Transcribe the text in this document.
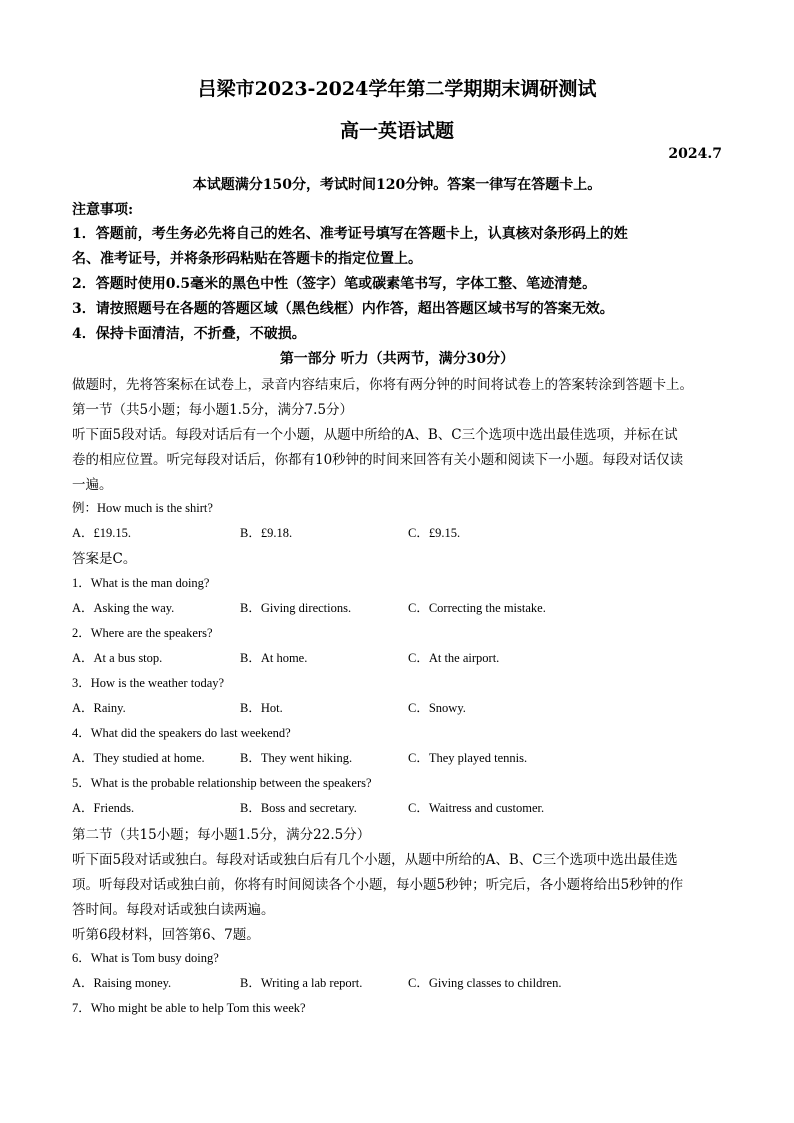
吕梁市2023-2024学年第二学期期末调研测试
高一英语试题
2024.7
本试题满分150分，考试时间120分钟。答案一律写在答题卡上。
注意事项:
1．答题前，考生务必先将自己的姓名、准考证号填写在答题卡上，认真核对条形码上的姓
名、准考证号，并将条形码粘贴在答题卡的指定位置上。
2．答题时使用0.5毫米的黑色中性（签字）笔或碳素笔书写，字体工整、笔迹清楚。
3．请按照题号在各题的答题区域（黑色线框）内作答，超出答题区域书写的答案无效。
4．保持卡面清洁，不折叠，不破损。
第一部分 听力（共两节，满分30分）
做题时，先将答案标在试卷上，录音内容结束后，你将有两分钟的时间将试卷上的答案转涂到答题卡上。
第一节（共5小题；每小题1.5分，满分7.5分）
听下面5段对话。每段对话后有一个小题，从题中所给的A、B、C三个选项中选出最佳选项，并标在试
卷的相应位置。听完每段对话后，你都有10秒钟的时间来回答有关小题和阅读下一小题。每段对话仅读
一遍。
例：How much is the shirt?
A．£19.15.	B．£9.18.	C．£9.15.
答案是C。
1．What is the man doing?
A．Asking the way.	B．Giving directions.	C．Correcting the mistake.
2．Where are the speakers?
A．At a bus stop.	B．At home.	C．At the airport.
3．How is the weather today?
A．Rainy.	B．Hot.	C．Snowy.
4．What did the speakers do last weekend?
A．They studied at home.	B．They went hiking.	C．They played tennis.
5．What is the probable relationship between the speakers?
A．Friends.	B．Boss and secretary.	C．Waitress and customer.
第二节（共15小题；每小题1.5分，满分22.5分）
听下面5段对话或独白。每段对话或独白后有几个小题，从题中所给的A、B、C三个选项中选出最佳选
项。听每段对话或独白前，你将有时间阅读各个小题，每小题5秒钟；听完后，各小题将给出5秒钟的作
答时间。每段对话或独白读两遍。
听第6段材料，回答第6、7题。
6．What is Tom busy doing?
A．Raising money.	B．Writing a lab report.	C．Giving classes to children.
7．Who might be able to help Tom this week?
